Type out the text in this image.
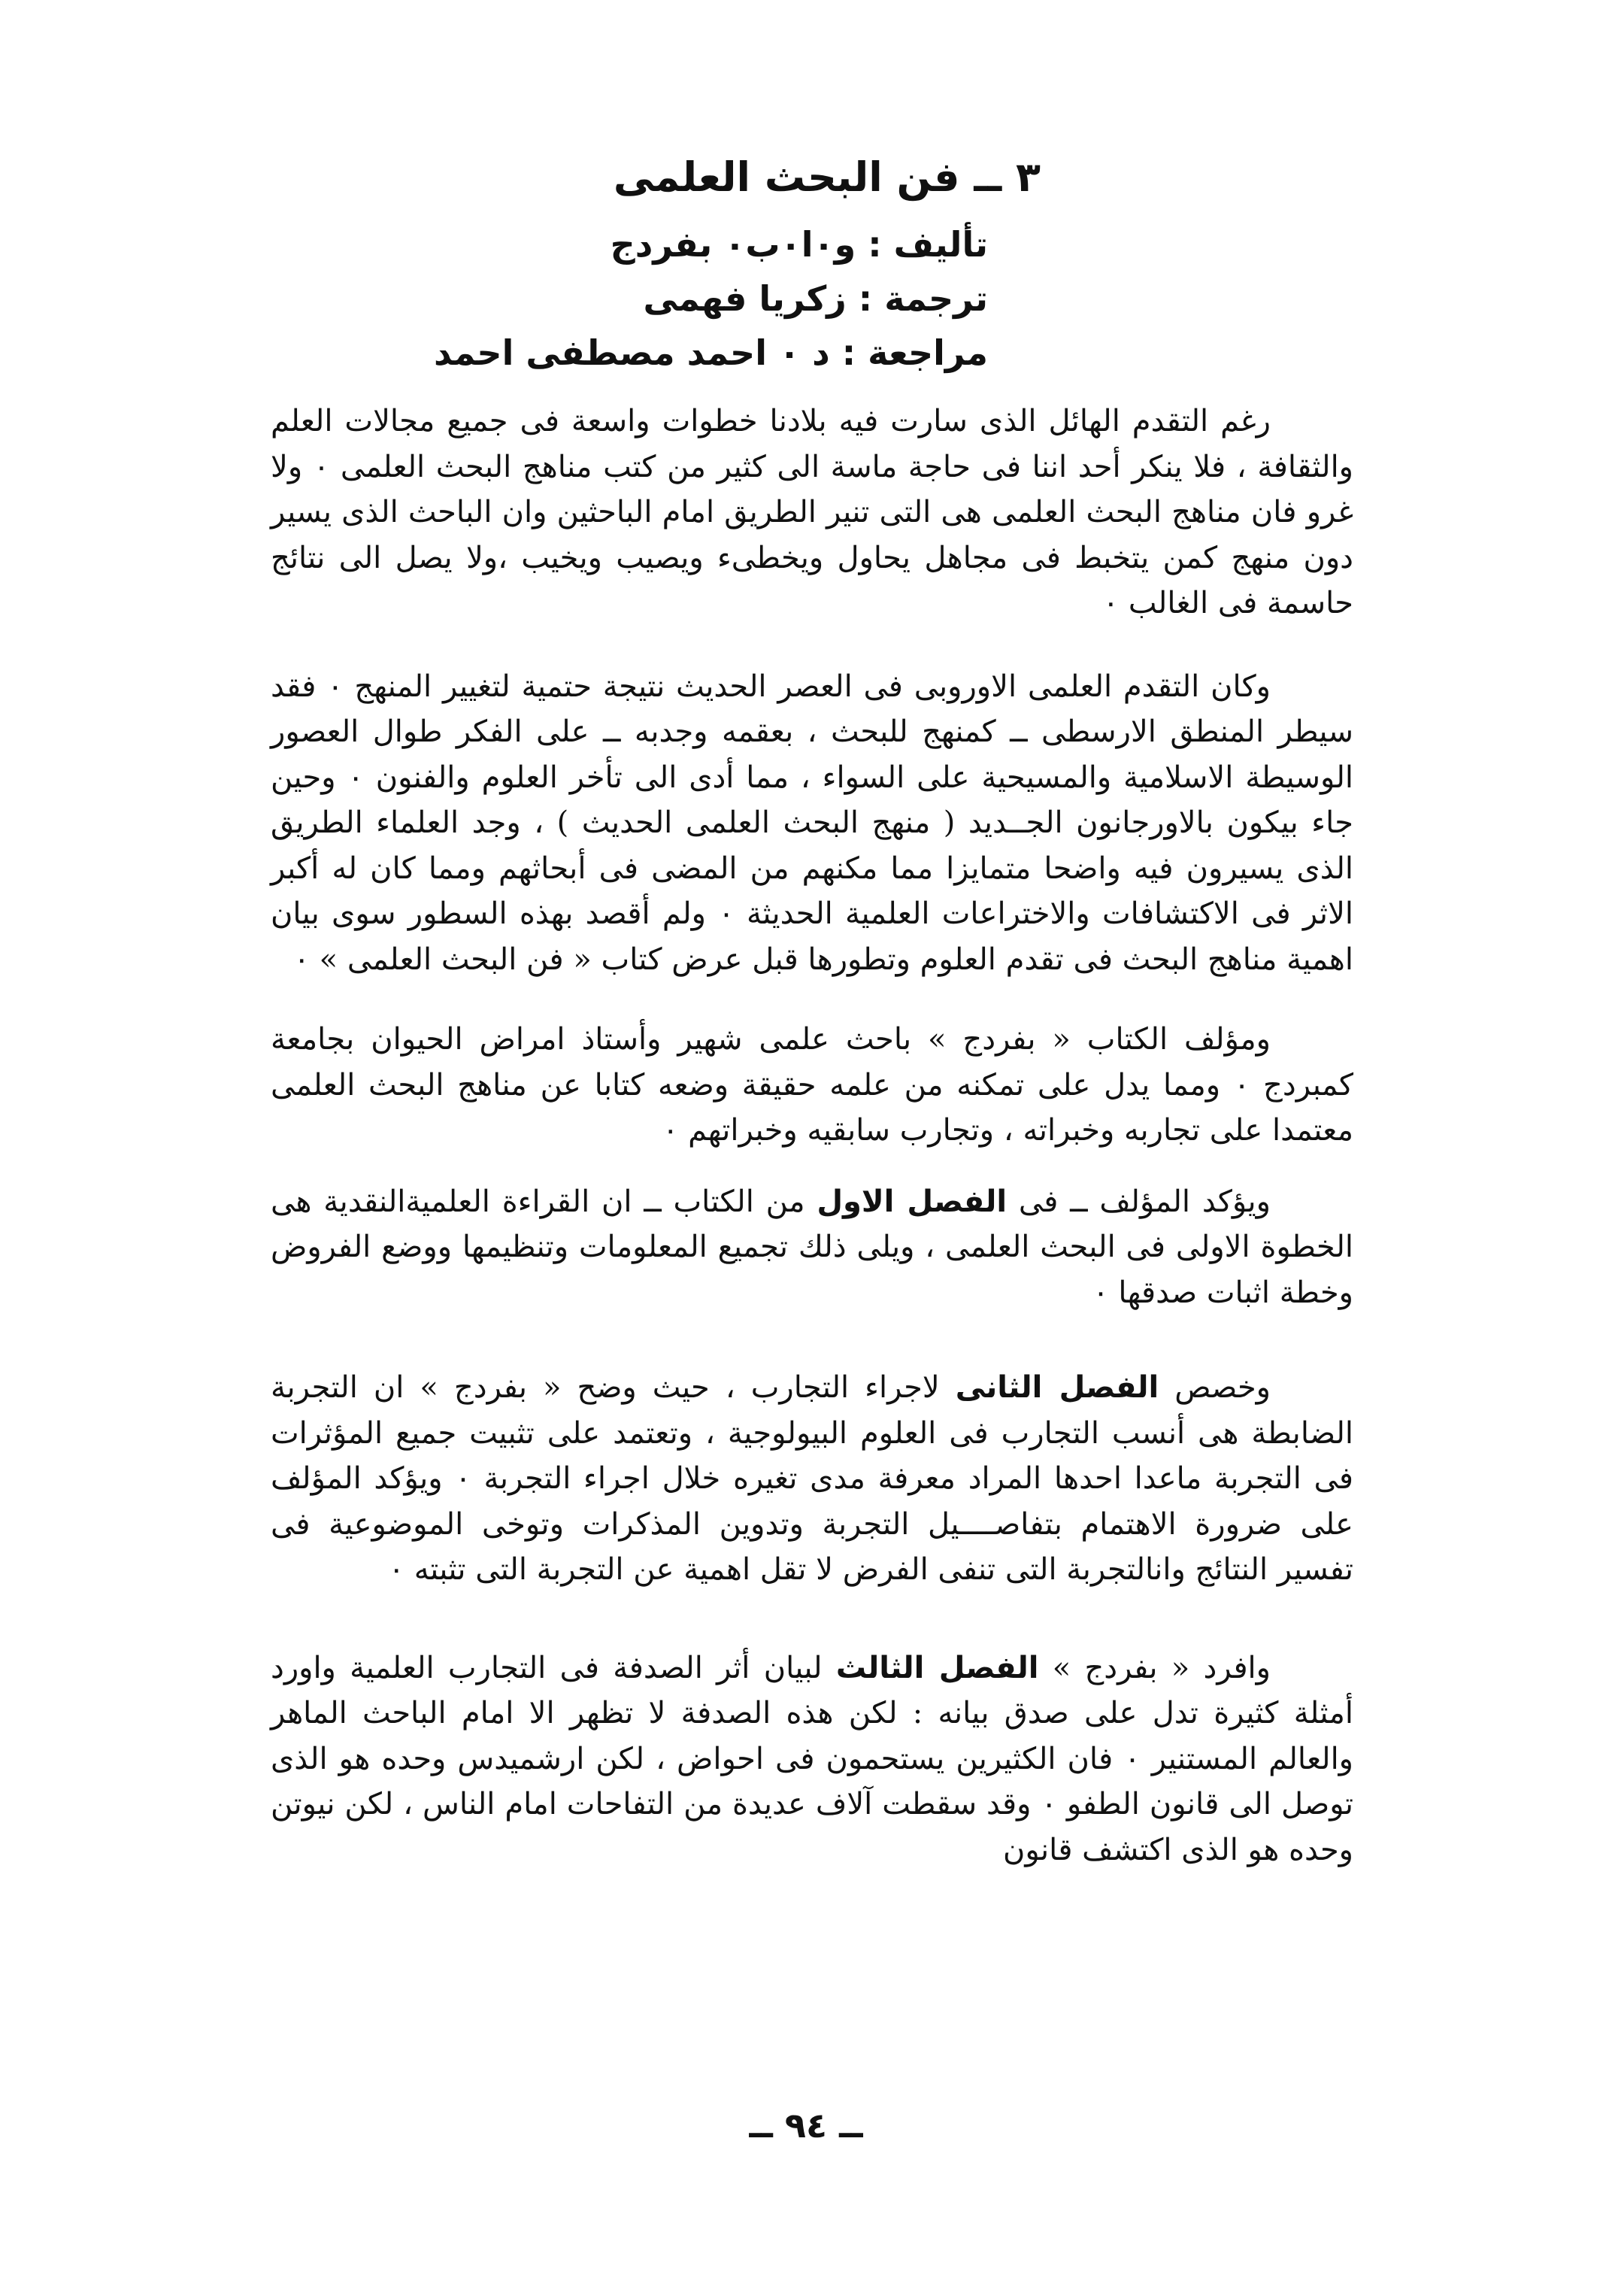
٣ ــ فن البحث العلمى
تأليف : و٠ا٠ب٠ بفردج
ترجمة : زكريا فهمى
مراجعة : د ٠ احمد مصطفى احمد

رغم التقدم الهائل الذى سارت فيه بلادنا خطوات واسعة فى جميع مجالات العلم والثقافة ، فلا ينكر أحد اننا فى حاجة ماسة الى كثير من كتب مناهج البحث العلمى ٠ ولا غرو فان مناهج البحث العلمى هى التى تنير الطريق امام الباحثين وان الباحث الذى يسير دون منهج كمن يتخبط فى مجاهل يحاول ويخطىء ويصيب ويخيب ،ولا يصل الى نتائج حاسمة فى الغالب ٠

وكان التقدم العلمى الاوروبى فى العصر الحديث نتيجة حتمية لتغيير المنهج ٠ فقد سيطر المنطق الارسطى ــ كمنهج للبحث ، بعقمه وجدبه ــ على الفكر طوال العصور الوسيطة الاسلامية والمسيحية على السواء ، مما أدى الى تأخر العلوم والفنون ٠ وحين جاء بيكون بالاورجانون الجــديد ( منهج البحث العلمى الحديث ) ، وجد العلماء الطريق الذى يسيرون فيه واضحا متمايزا مما مكنهم من المضى فى أبحاثهم ومما كان له أكبر الاثر فى الاكتشافات والاختراعات العلمية الحديثة ٠ ولم أقصد بهذه السطور سوى بيان اهمية مناهج البحث فى تقدم العلوم وتطورها قبل عرض كتاب « فن البحث العلمى » ٠

ومؤلف الكتاب « بفردج » باحث علمى شهير وأستاذ امراض الحيوان بجامعة كمبردج ٠ ومما يدل على تمكنه من علمه حقيقة وضعه كتابا عن مناهج البحث العلمى معتمدا على تجاربه وخبراته ، وتجارب سابقيه وخبراتهم ٠

ويؤكد المؤلف ــ فى الفصل الاول من الكتاب ــ ان القراءة العلميةالنقدية هى الخطوة الاولى فى البحث العلمى ، ويلى ذلك تجميع المعلومات وتنظيمها ووضع الفروض وخطة اثبات صدقها ٠

وخصص الفصل الثانى لاجراء التجارب ، حيث وضح « بفردج » ان التجربة الضابطة هى أنسب التجارب فى العلوم البيولوجية ، وتعتمد على تثبيت جميع المؤثرات فى التجربة ماعدا احدها المراد معرفة مدى تغيره خلال اجراء التجربة ٠ ويؤكد المؤلف على ضرورة الاهتمام بتفاصــــيل التجربة وتدوين المذكرات وتوخى الموضوعية فى تفسير النتائج وانالتجربة التى تنفى الفرض لا تقل اهمية عن التجربة التى تثبته ٠

وافرد « بفردج » الفصل الثالث لبيان أثر الصدفة فى التجارب العلمية واورد أمثلة كثيرة تدل على صدق بيانه : لكن هذه الصدفة لا تظهر الا امام الباحث الماهر والعالم المستنير ٠ فان الكثيرين يستحمون فى احواض ، لكن ارشميدس وحده هو الذى توصل الى قانون الطفو ٠ وقد سقطت آلاف عديدة من التفاحات امام الناس ، لكن نيوتن وحده هو الذى اكتشف قانون

ــ ٩٤ ــ
